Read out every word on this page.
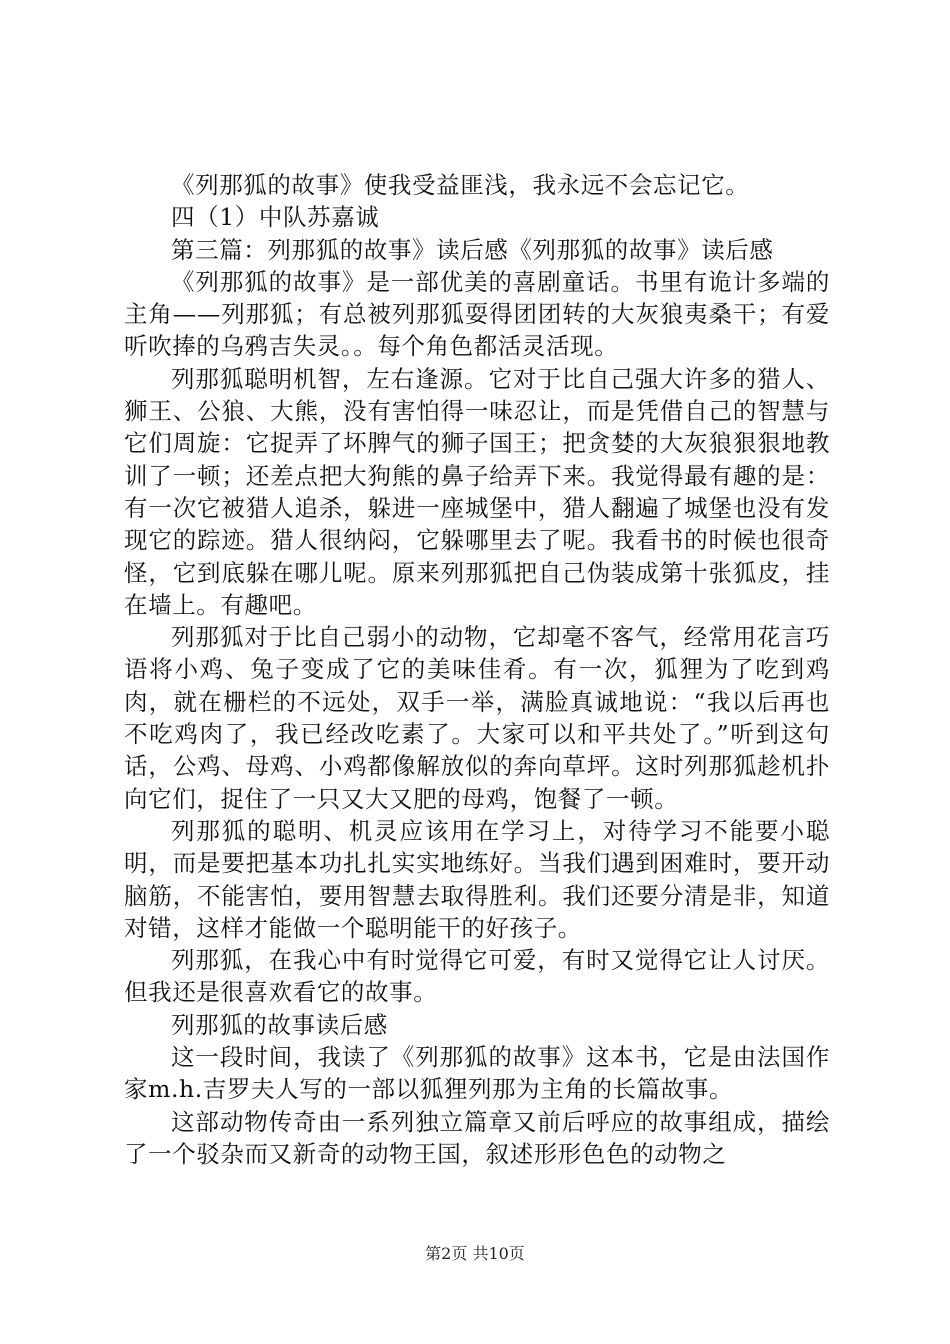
《列那狐的故事》使我受益匪浅，我永远不会忘记它。

四（1）中队苏嘉诚

第三篇：列那狐的故事》读后感《列那狐的故事》读后感

《列那狐的故事》是一部优美的喜剧童话。书里有诡计多端的主角——列那狐；有总被列那狐耍得团团转的大灰狼夷桑干；有爱听吹捧的乌鸦吉失灵。。每个角色都活灵活现。

列那狐聪明机智，左右逢源。它对于比自己强大许多的猎人、狮王、公狼、大熊，没有害怕得一味忍让，而是凭借自己的智慧与它们周旋：它捉弄了坏脾气的狮子国王；把贪婪的大灰狼狠狠地教训了一顿；还差点把大狗熊的鼻子给弄下来。我觉得最有趣的是：有一次它被猎人追杀，躲进一座城堡中，猎人翻遍了城堡也没有发现它的踪迹。猎人很纳闷，它躲哪里去了呢。我看书的时候也很奇怪，它到底躲在哪儿呢。原来列那狐把自己伪装成第十张狐皮，挂在墙上。有趣吧。

列那狐对于比自己弱小的动物，它却毫不客气，经常用花言巧语将小鸡、兔子变成了它的美味佳肴。有一次，狐狸为了吃到鸡肉，就在栅栏的不远处，双手一举，满脸真诚地说：“我以后再也不吃鸡肉了，我已经改吃素了。大家可以和平共处了。”听到这句话，公鸡、母鸡、小鸡都像解放似的奔向草坪。这时列那狐趁机扑向它们，捉住了一只又大又肥的母鸡，饱餐了一顿。

列那狐的聪明、机灵应该用在学习上，对待学习不能要小聪明，而是要把基本功扎扎实实地练好。当我们遇到困难时，要开动脑筋，不能害怕，要用智慧去取得胜利。我们还要分清是非，知道对错，这样才能做一个聪明能干的好孩子。

列那狐，在我心中有时觉得它可爱，有时又觉得它让人讨厌。但我还是很喜欢看它的故事。

列那狐的故事读后感

这一段时间，我读了《列那狐的故事》这本书，它是由法国作家m.h.吉罗夫人写的一部以狐狸列那为主角的长篇故事。

这部动物传奇由一系列独立篇章又前后呼应的故事组成，描绘了一个驳杂而又新奇的动物王国，叙述形形色色的动物之

第2页 共10页
